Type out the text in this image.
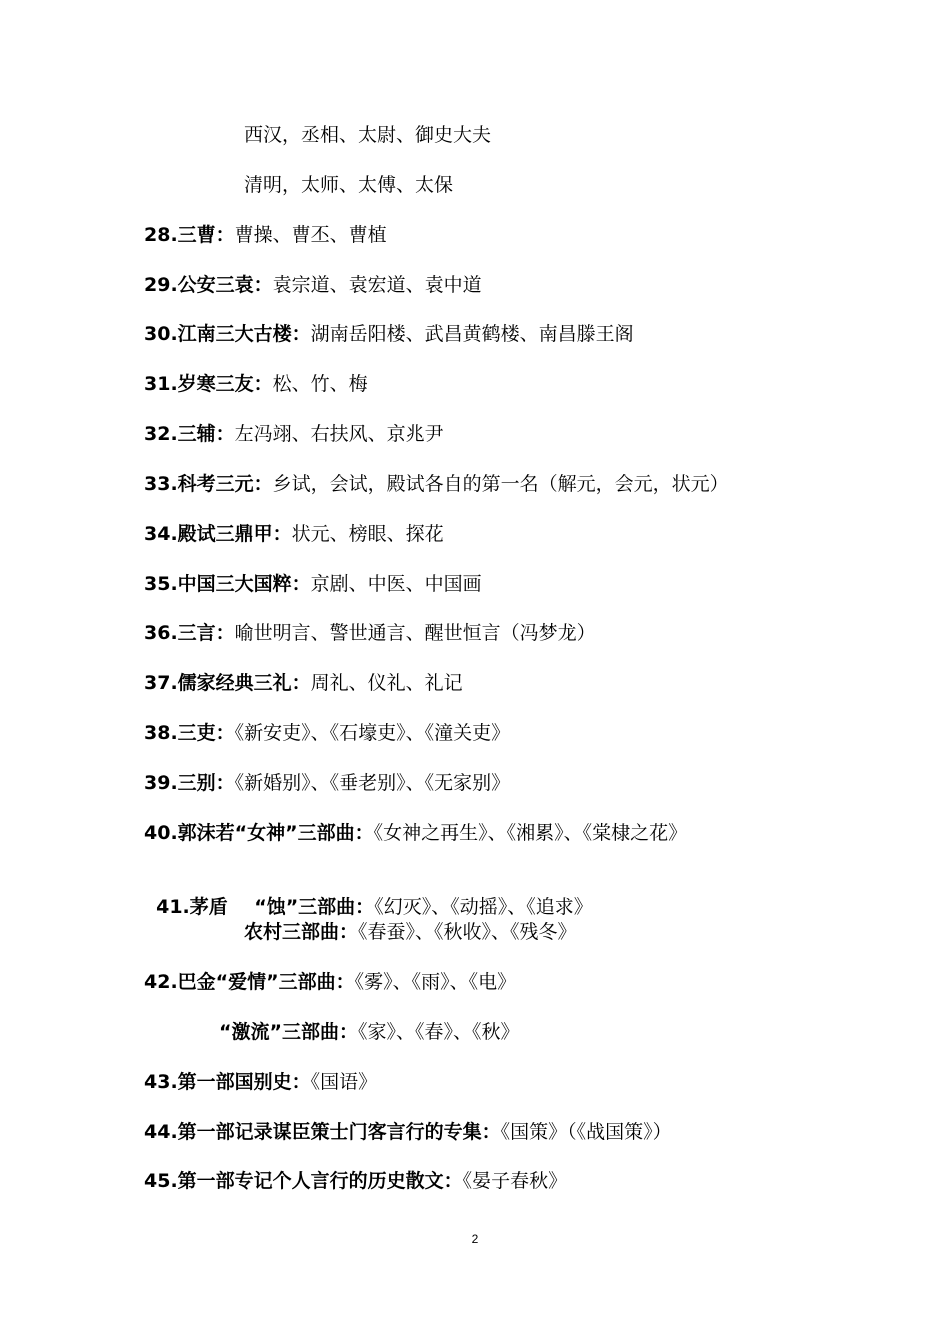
西汉，丞相、太尉、御史大夫
清明，太师、太傅、太保
28.三曹：曹操、曹丕、曹植
29.公安三袁：袁宗道、袁宏道、袁中道
30.江南三大古楼：湖南岳阳楼、武昌黄鹤楼、南昌滕王阁
31.岁寒三友：松、竹、梅
32.三辅：左冯翊、右扶风、京兆尹
33.科考三元：乡试，会试，殿试各自的第一名（解元，会元，状元）
34.殿试三鼎甲：状元、榜眼、探花
35.中国三大国粹：京剧、中医、中国画
36.三言：喻世明言、警世通言、醒世恒言（冯梦龙）
37.儒家经典三礼：周礼、仪礼、礼记
38.三吏：《新安吏》、《石壕吏》、《潼关吏》
39.三别：《新婚别》、《垂老别》、《无家别》
40.郭沫若“女神”三部曲：《女神之再生》、《湘累》、《棠棣之花》

41.茅盾    “蚀”三部曲：《幻灭》、《动摇》、《追求》

农村三部曲：《春蚕》、《秋收》、《残冬》
42.巴金“爱情”三部曲：《雾》、《雨》、《电》
“激流”三部曲：《家》、《春》、《秋》
43.第一部国别史：《国语》
44.第一部记录谋臣策士门客言行的专集：《国策》（《战国策》）
45.第一部专记个人言行的历史散文：《晏子春秋》
2
